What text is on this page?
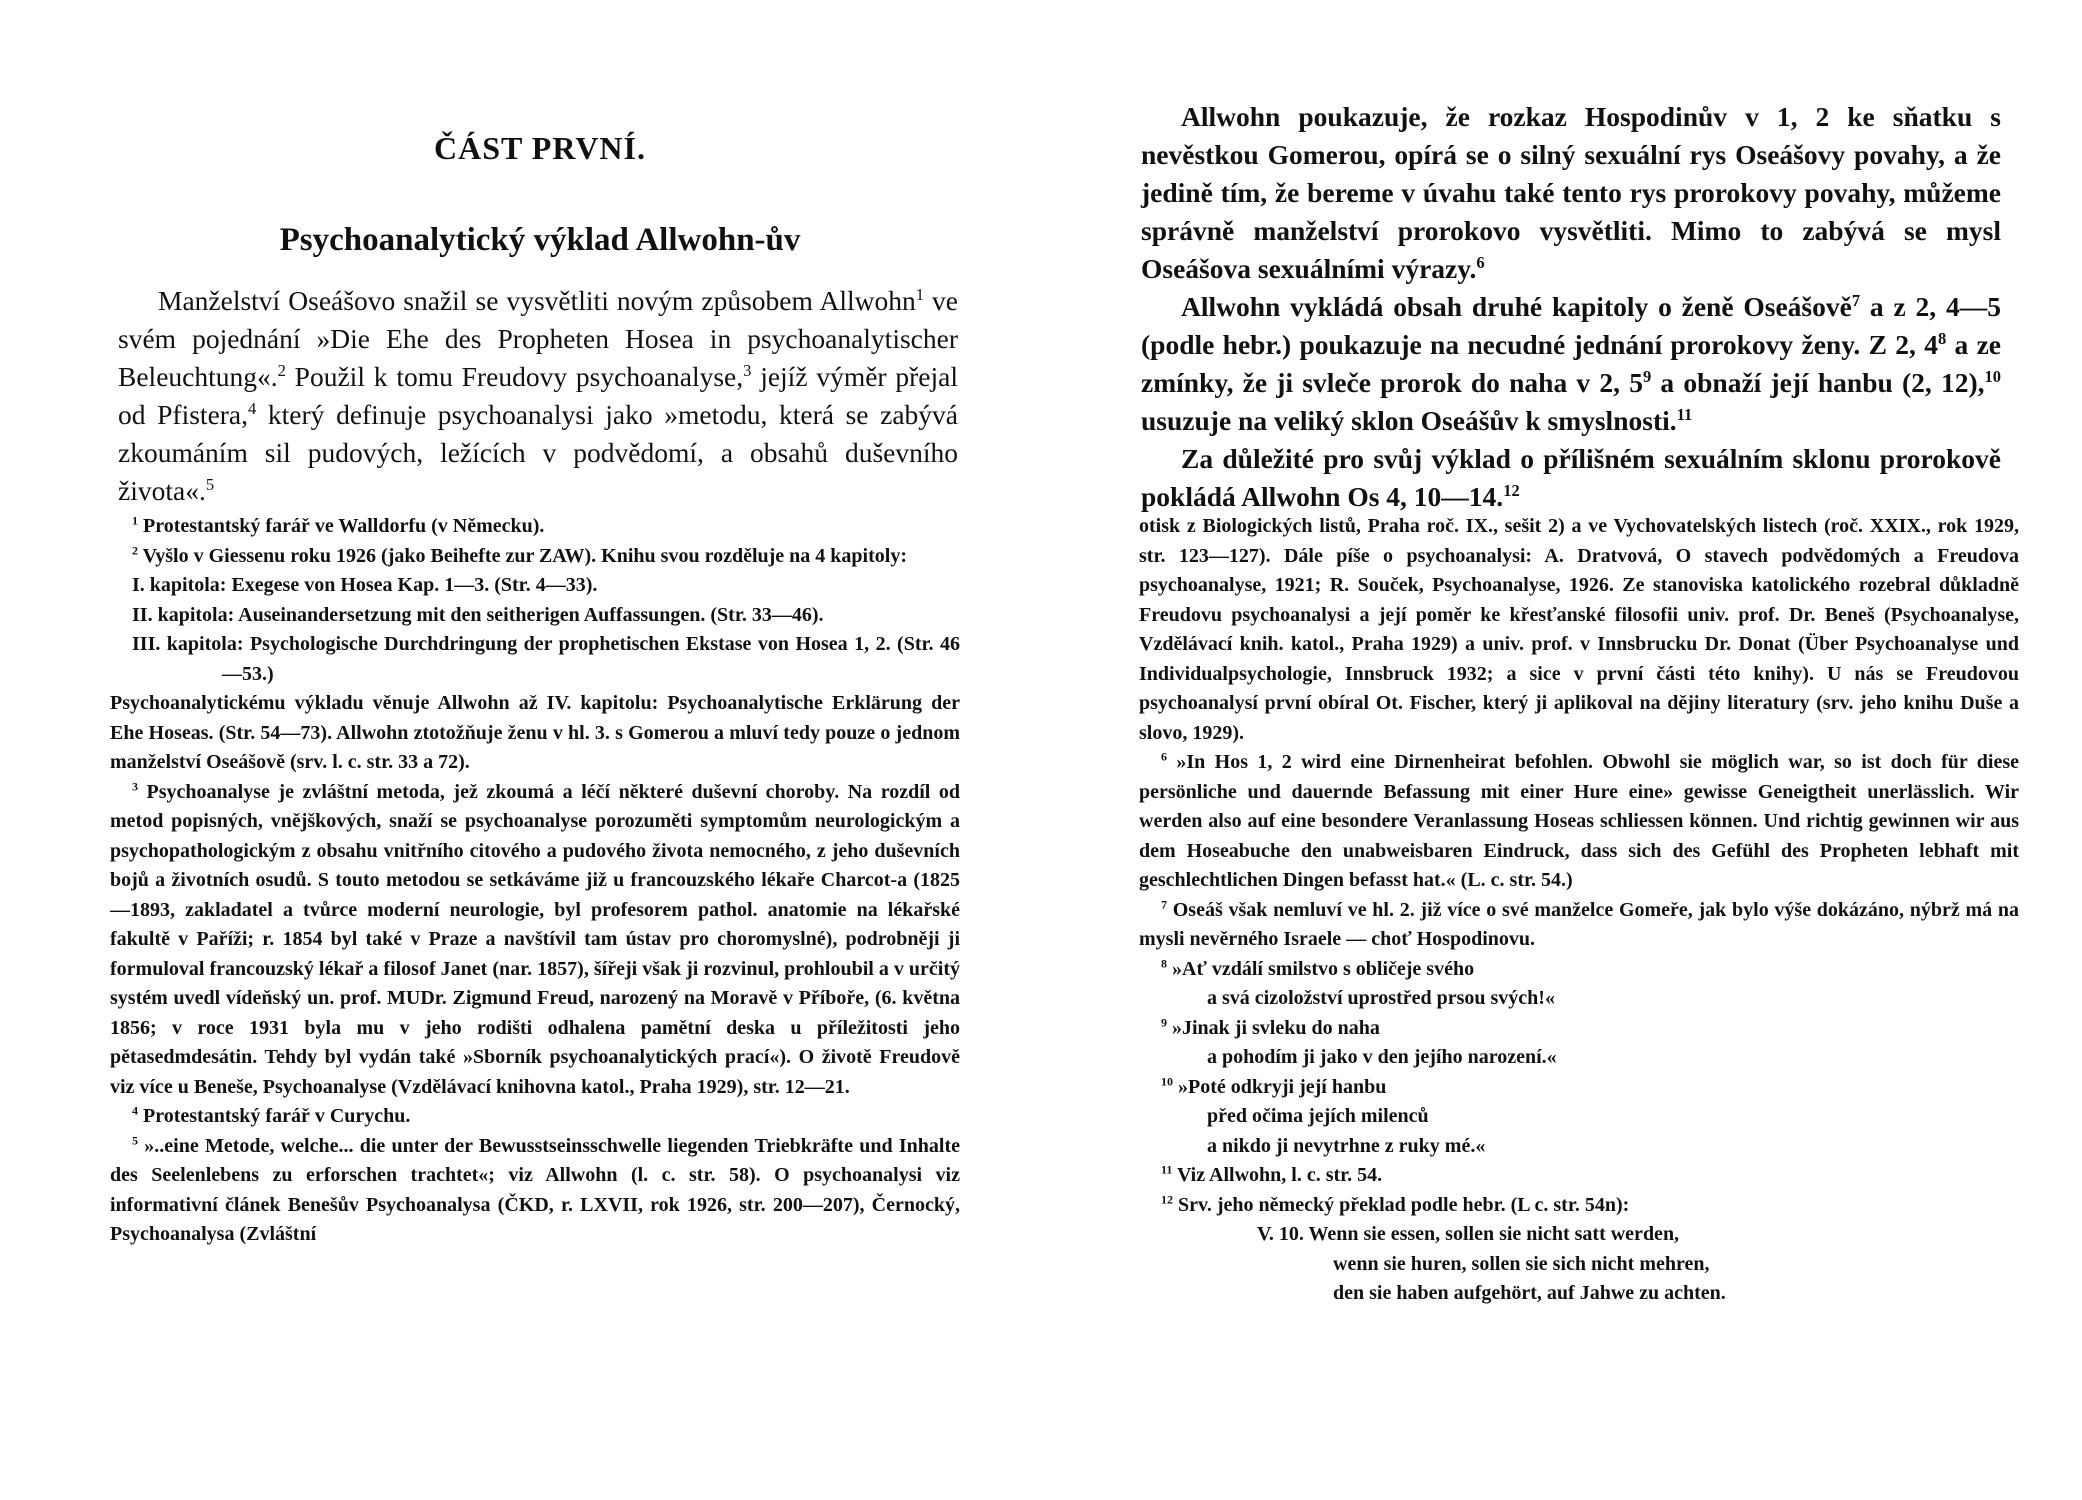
ČÁST PRVNÍ.
Psychoanalytický výklad Allwohn-ův

Manželství Oseášovo snažil se vysvětliti novým způsobem Allwohn$^1$ ve svém pojednání »Die Ehe des Propheten Hosea in psychoanalytischer Beleuchtung«.$^2$ Použil k tomu Freudovy psychoanalyse,$^3$ jejíž výměr přejal od Pfistera,$^4$ který definuje psychoanalysi jako »metodu, která se zabývá zkoumáním sil pudových, ležících v podvědomí, a obsahů duševního života«.$^5$

$^1$ Protestantský farář ve Walldorfu (v Německu).

$^2$ Vyšlo v Giessenu roku 1926 (jako Beihefte zur ZAW). Knihu svou rozděluje na 4 kapitoly:

I. kapitola: Exegese von Hosea Kap. 1—3. (Str. 4—33).
II. kapitola: Auseinandersetzung mit den seitherigen Auffassungen. (Str. 33—46).
III. kapitola: Psychologische Durchdringung der prophetischen Ekstase von Hosea 1, 2. (Str. 46—53.)

Psychoanalytickému výkladu věnuje Allwohn až IV. kapitolu: Psychoanalytische Erklärung der Ehe Hoseas. (Str. 54—73). Allwohn ztotožňuje ženu v hl. 3. s Gomerou a mluví tedy pouze o jednom manželství Oseášově (srv. l. c. str. 33 a 72).

$^3$ Psychoanalyse je zvláštní metoda, jež zkoumá a léčí některé duševní choroby. Na rozdíl od metod popisných, vnějškových, snaží se psychoanalyse porozuměti symptomům neurologickým a psychopathologickým z obsahu vnitřního citového a pudového života nemocného, z jeho duševních bojů a životních osudů. S touto metodou se setkáváme již u francouzského lékaře Charcot-a (1825—1893, zakladatel a tvůrce moderní neurologie, byl profesorem pathol. anatomie na lékařské fakultě v Paříži; r. 1854 byl také v Praze a navštívil tam ústav pro choromyslné), podrobněji ji formuloval francouzský lékař a filosof Janet (nar. 1857), šířeji však ji rozvinul, prohloubil a v určitý systém uvedl vídeňský un. prof. MUDr. Zigmund Freud, narozený na Moravě v Příboře, (6. května 1856; v roce 1931 byla mu v jeho rodišti odhalena pamětní deska u příležitosti jeho pětasedmdesátin. Tehdy byl vydán také »Sborník psychoanalytických prací«). O životě Freudově viz více u Beneše, Psychoanalyse (Vzdělávací knihovna katol., Praha 1929), str. 12—21.

$^4$ Protestantský farář v Curychu.

$^5$ »..eine Metode, welche... die unter der Bewusstseinsschwelle liegenden Triebkräfte und Inhalte des Seelenlebens zu erforschen trachtet«; viz Allwohn (l. c. str. 58). O psychoanalysi viz informativní článek Benešův Psychoanalysa (ČKD, r. LXVII, rok 1926, str. 200—207), Černocký, Psychoanalysa (Zvláštní

Allwohn poukazuje, že rozkaz Hospodinův v 1, 2 ke sňatku s nevěstkou Gomerou, opírá se o silný sexuální rys Oseášovy povahy, a že jedině tím, že bereme v úvahu také tento rys prorokovy povahy, můžeme správně manželství prorokovo vysvětliti. Mimo to zabývá se mysl Oseášova sexuálními výrazy.$^6$

Allwohn vykládá obsah druhé kapitoly o ženě Oseášově$^7$ a z 2, 4—5 (podle hebr.) poukazuje na necudné jednání prorokovy ženy. Z 2, $4^8$ a ze zmínky, že ji svleče prorok do naha v 2, $5^9$ a obnaží její hanbu (2, 12),$^{10}$ usuzuje na veliký sklon Oseášův k smyslnosti.$^{11}$

Za důležité pro svůj výklad o přílišném sexuálním sklonu prorokově pokládá Allwohn Os 4, 10—14.12

otisk z Biologických listů, Praha roč. IX., sešit 2) a ve Vychovatelských listech (roč. XXIX., rok 1929, str. 123—127). Dále píše o psychoanalysi: A. Dratvová, O stavech podvědomých a Freudova psychoanalyse, 1921; R. Souček, Psychoanalyse, 1926. Ze stanoviska katolického rozebral důkladně Freudovu psychoanalysi a její poměr ke křesťanské filosofii univ. prof. Dr. Beneš (Psychoanalyse, Vzdělávací knih. katol., Praha 1929) a univ. prof. v Innsbrucku Dr. Donat (Über Psychoanalyse und Individualpsychologie, Innsbruck 1932; a sice v první části této knihy). U nás se Freudovou psychoanalysí první obíral Ot. Fischer, který ji aplikoval na dějiny literatury (srv. jeho knihu Duše a slovo, 1929).

$^6$ »In Hos 1, 2 wird eine Dirnenheirat befohlen. Obwohl sie möglich war, so ist doch für diese persönliche und dauernde Befassung mit einer Hure eine» gewisse Geneigtheit unerlässlich. Wir werden also auf eine besondere Veranlassung Hoseas schliessen können. Und richtig gewinnen wir aus dem Hoseabuche den unabweisbaren Eindruck, dass sich des Gefühl des Propheten lebhaft mit geschlechtlichen Dingen befasst hat.« (L. c. str. 54.)

$^7$ Oseáš však nemluví ve hl. 2. již více o své manželce Gomeře, jak bylo výše dokázáno, nýbrž má na mysli nevěrného Israele — choť Hospodinovu.

$^8$ »Ať vzdálí smilstvo s obličeje svého
a svá cizoložství uprostřed prsou svých!«
$^9$ »Jinak ji svleku do naha
a pohodím ji jako v den jejího narození.«
$^{10}$ »Poté odkryji její hanbu
před očima jejích milenců
a nikdo ji nevytrhne z ruky mé.«

$^{11}$ Viz Allwohn, l. c. str. 54.

$^{12}$ Srv. jeho německý překlad podle hebr. (L c. str. 54n):

V. 10. Wenn sie essen, sollen sie nicht satt werden,
wenn sie huren, sollen sie sich nicht mehren,
den sie haben aufgehört, auf Jahwe zu achten.
